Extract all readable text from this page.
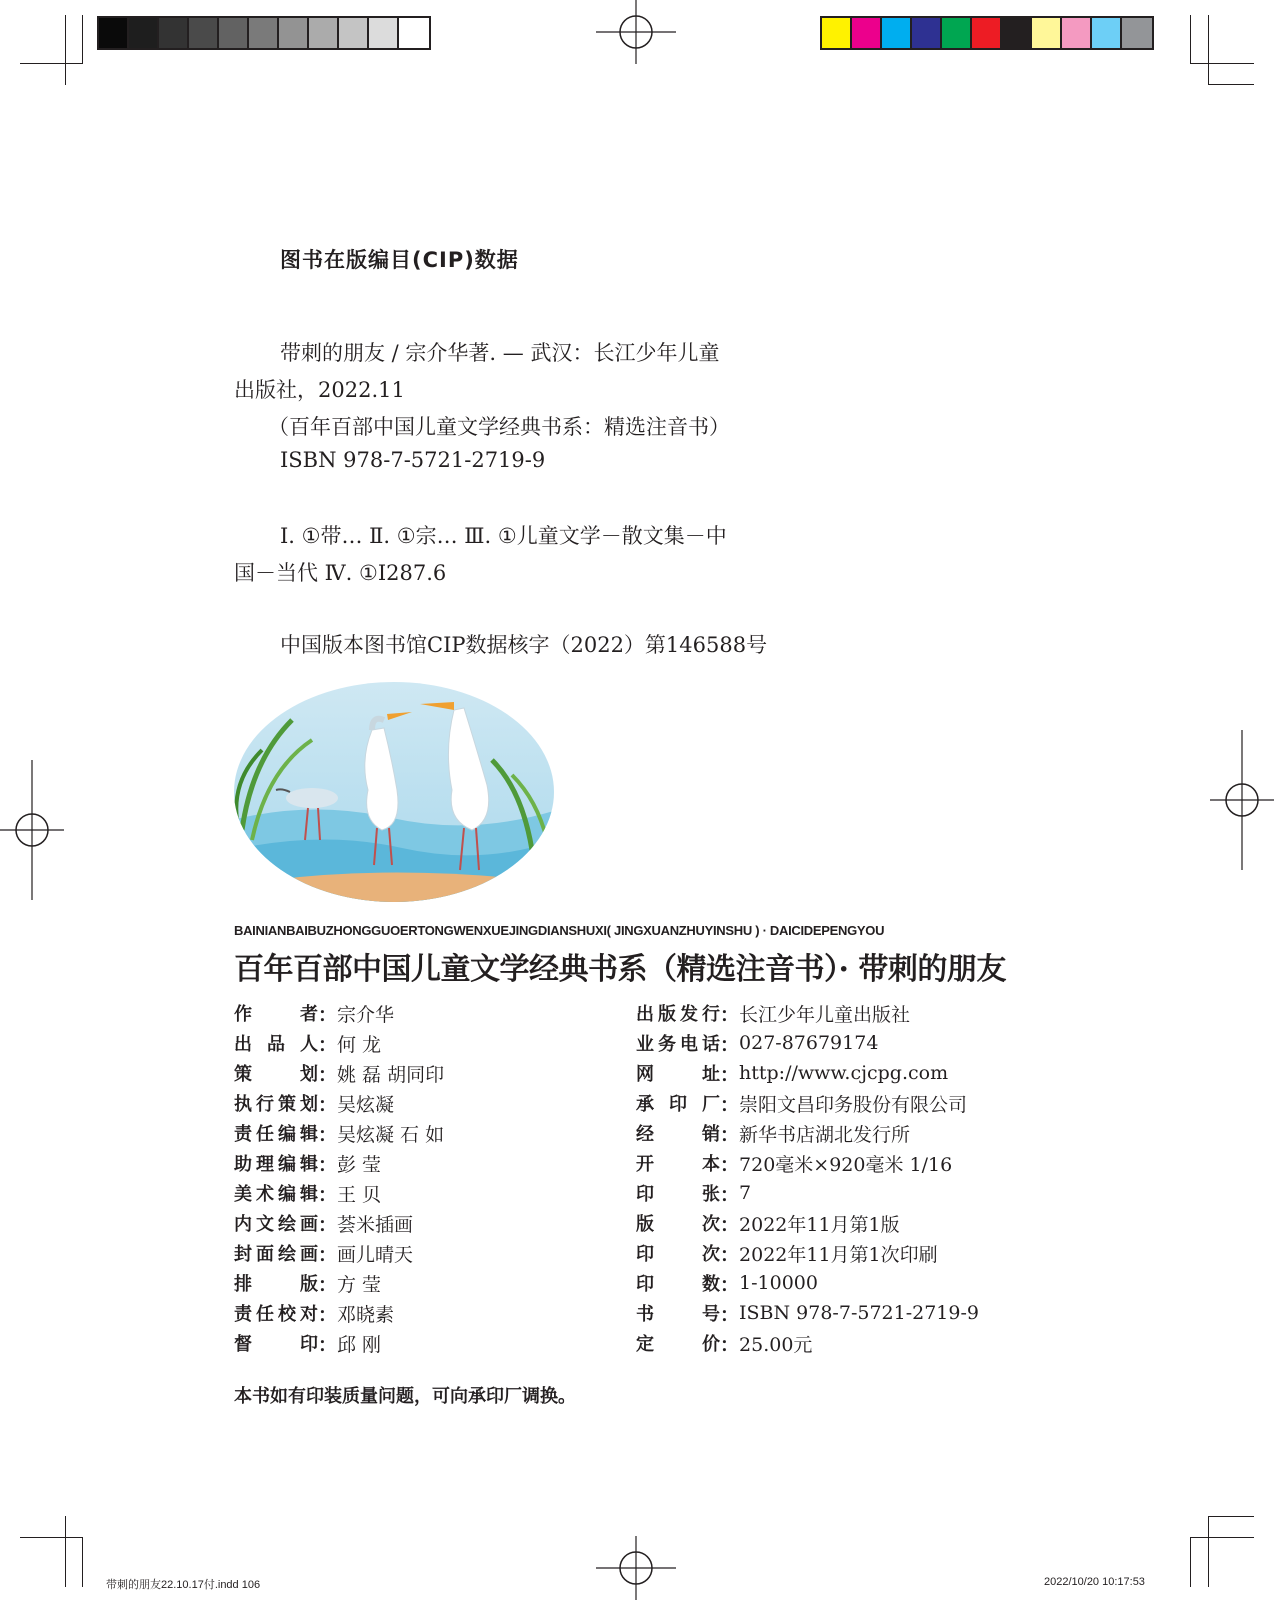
图书在版编目(CIP)数据
带刺的朋友 / 宗介华著. — 武汉：长江少年儿童
出版社，2022.11
（百年百部中国儿童文学经典书系：精选注音书）
ISBN 978-7-5721-2719-9
Ⅰ. ①带… Ⅱ. ①宗… Ⅲ. ①儿童文学－散文集－中
国－当代 Ⅳ. ①I287.6
中国版本图书馆CIP数据核字（2022）第146588号
BAINIANBAIBUZHONGGUOERTONGWENXUEJINGDIANSHUXI( JINGXUANZHUYINSHU ) · DAICIDEPENGYOU
百年百部中国儿童文学经典书系（精选注音书）· 带刺的朋友
作者 ： 宗介华
出品人 ： 何 龙
策划 ： 姚 磊 胡同印
执行策划 ： 吴炫凝
责任编辑 ： 吴炫凝 石 如
助理编辑 ： 彭 莹
美术编辑 ： 王 贝
内文绘画 ： 荟米插画
封面绘画 ： 画儿晴天
排版 ： 方 莹
责任校对 ： 邓晓素
督印 ： 邱 刚
出版发行 ： 长江少年儿童出版社
业务电话 ： 027-87679174
网址 ： http://www.cjcpg.com
承印厂 ： 崇阳文昌印务股份有限公司
经销 ： 新华书店湖北发行所
开本 ： 720毫米×920毫米 1/16
印张 ： 7
版次 ： 2022年11月第1版
印次 ： 2022年11月第1次印刷
印数 ： 1-10000
书号 ： ISBN 978-7-5721-2719-9
定价 ： 25.00元
本书如有印装质量问题，可向承印厂调换。
带刺的朋友22.10.17付.indd 106	2022/10/20 10:17:53
